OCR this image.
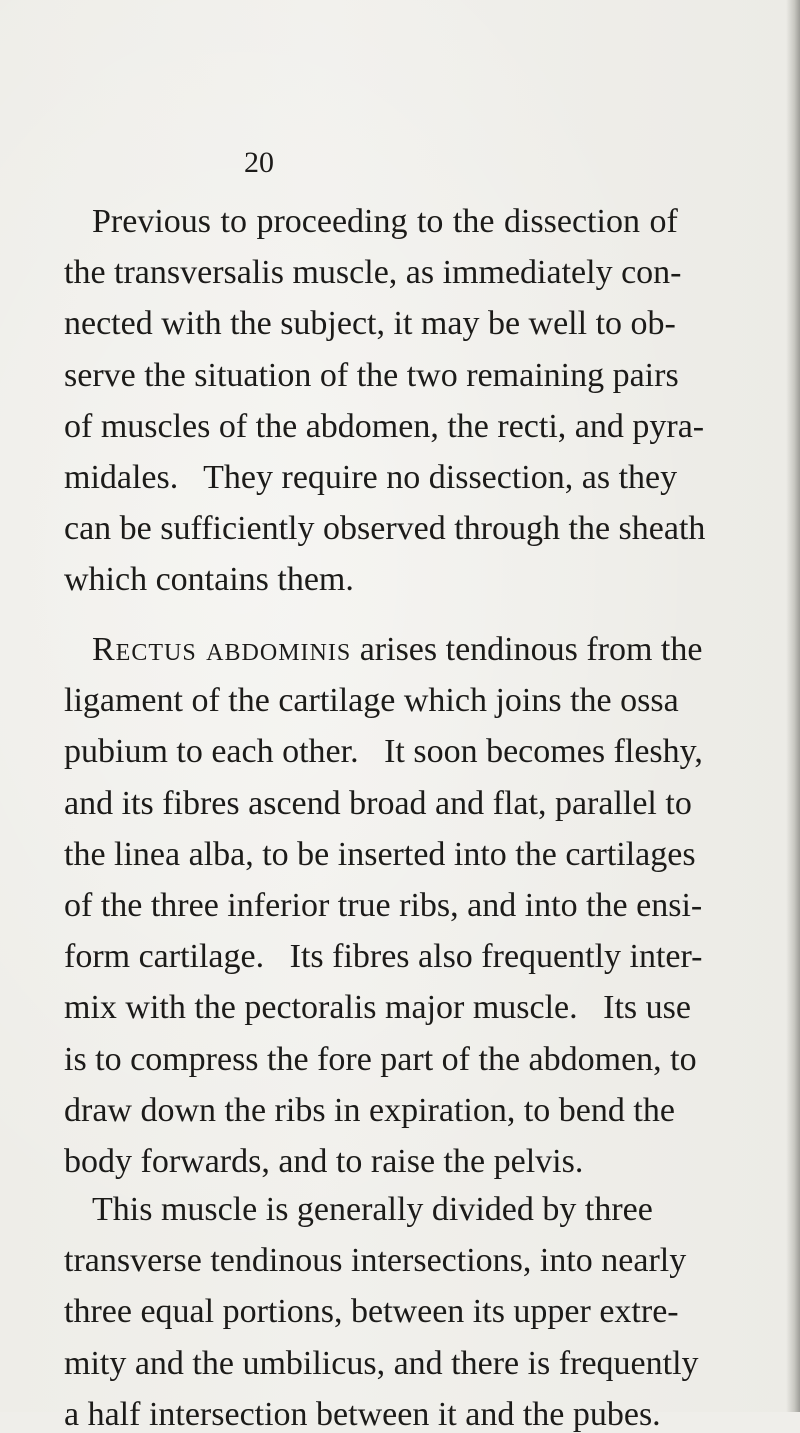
20

Previous to proceeding to the dissection of

the transversalis muscle, as immediately con-

nected with the subject, it may be well to ob-

serve the situation of the two remaining pairs

of muscles of the abdomen, the recti, and pyra-

midales.   They require no dissection, as they

can be sufficiently observed through the sheath

which contains them.

Rectus abdominis arises tendinous from the

ligament of the cartilage which joins the ossa

pubium to each other.   It soon becomes fleshy,

and its fibres ascend broad and flat, parallel to

the linea alba, to be inserted into the cartilages

of the three inferior true ribs, and into the ensi-

form cartilage.   Its fibres also frequently inter-

mix with the pectoralis major muscle.   Its use

is to compress the fore part of the abdomen, to

draw down the ribs in expiration, to bend the

body forwards, and to raise the pelvis.

This muscle is generally divided by three

transverse tendinous intersections, into nearly

three equal portions, between its upper extre-

mity and the umbilicus, and there is frequently

a half intersection between it and the pubes.
